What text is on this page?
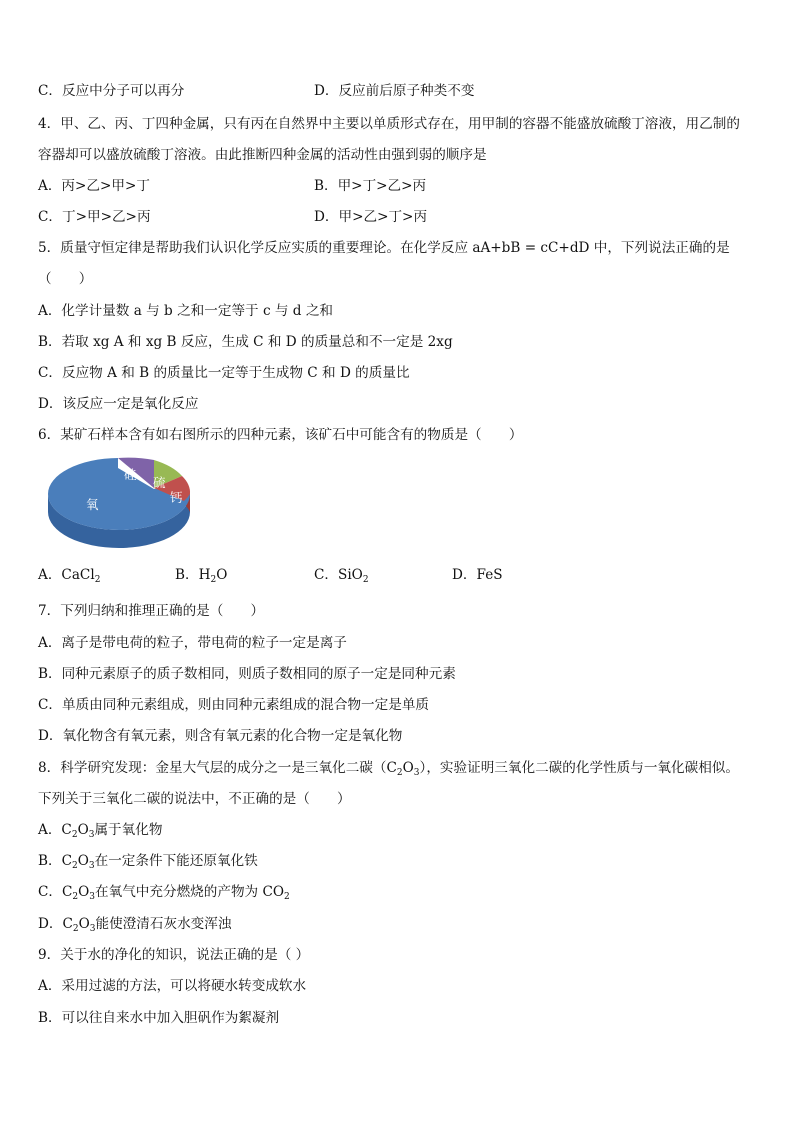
C．反应中分子可以再分	D．反应前后原子种类不变
4．甲、乙、丙、丁四种金属，只有丙在自然界中主要以单质形式存在，用甲制的容器不能盛放硫酸丁溶液，用乙制的
容器却可以盛放硫酸丁溶液。由此推断四种金属的活动性由强到弱的顺序是
A．丙>乙>甲>丁	B．甲>丁>乙>丙
C．丁>甲>乙>丙	D．甲>乙>丁>丙
5．质量守恒定律是帮助我们认识化学反应实质的重要理论。在化学反应 aA+bB = cC+dD 中，下列说法正确的是
（　　）
A．化学计量数 a 与 b 之和一定等于 c 与 d 之和
B．若取 xg A 和 xg B 反应，生成 C 和 D 的质量总和不一定是 2xg
C．反应物 A 和 B 的质量比一定等于生成物 C 和 D 的质量比
D．该反应一定是氧化反应
6．某矿石样本含有如右图所示的四种元素，该矿石中可能含有的物质是（　　）
硅
硫
钙
氧
A．CaCl$_2$	B．$H_2O$	C．SiO$_2$	D．FeS
7．下列归纳和推理正确的是（　　）
A．离子是带电荷的粒子，带电荷的粒子一定是离子
B．同种元素原子的质子数相同，则质子数相同的原子一定是同种元素
C．单质由同种元素组成，则由同种元素组成的混合物一定是单质
D．氧化物含有氧元素，则含有氧元素的化合物一定是氧化物
8．科学研究发现：金星大气层的成分之一是三氧化二碳$(C_2O_3)$，实验证明三氧化二碳的化学性质与一氧化碳相似。
下列关于三氧化二碳的说法中，不正确的是（　　）
A．$C_2O_3$属于氧化物
B．$C_2O_3$在一定条件下能还原氧化铁
C．$C_2O_3$在氧气中充分燃烧的产物为 $CO_2$
D．$C_2O_3$能使澄清石灰水变浑浊
9．关于水的净化的知识，说法正确的是（ ）
A．采用过滤的方法，可以将硬水转变成软水
B．可以往自来水中加入胆矾作为絮凝剂
